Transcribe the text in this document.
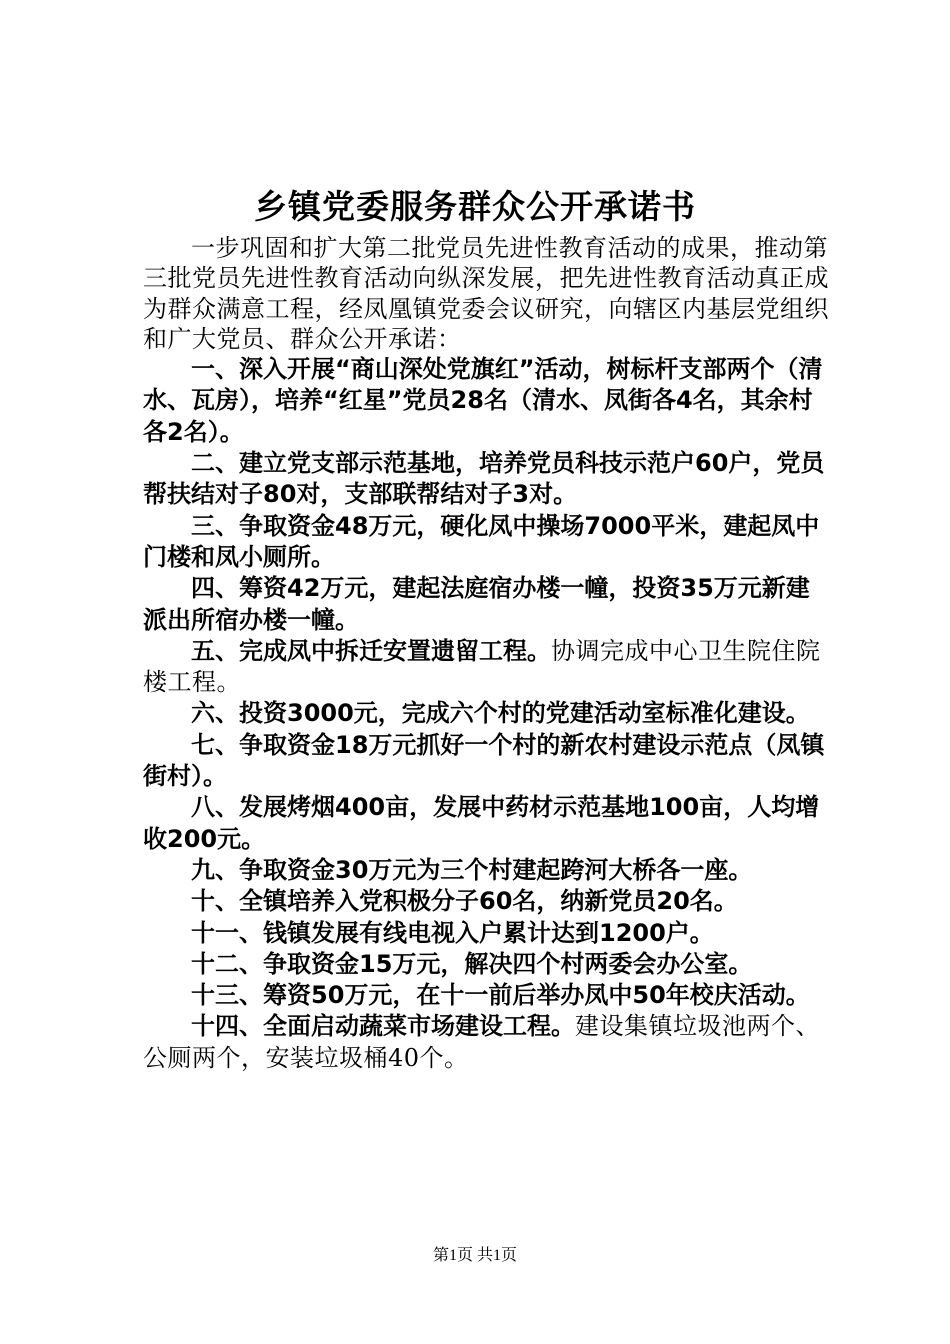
乡镇党委服务群众公开承诺书

一步巩固和扩大第二批党员先进性教育活动的成果，推动第三批党员先进性教育活动向纵深发展，把先进性教育活动真正成为群众满意工程，经凤凰镇党委会议研究，向辖区内基层党组织和广大党员、群众公开承诺：

一、深入开展“商山深处党旗红”活动，树标杆支部两个（清水、瓦房），培养“红星”党员28名（清水、凤街各4名，其余村各2名）。

二、建立党支部示范基地，培养党员科技示范户60户，党员帮扶结对子80对，支部联帮结对子3对。

三、争取资金48万元，硬化凤中操场7000平米，建起凤中门楼和凤小厕所。

四、筹资42万元，建起法庭宿办楼一幢，投资35万元新建派出所宿办楼一幢。

五、完成凤中拆迁安置遗留工程。协调完成中心卫生院住院楼工程。

六、投资3000元，完成六个村的党建活动室标准化建设。

七、争取资金18万元抓好一个村的新农村建设示范点（凤镇街村）。

八、发展烤烟400亩，发展中药材示范基地100亩，人均增收200元。

九、争取资金30万元为三个村建起跨河大桥各一座。

十、全镇培养入党积极分子60名，纳新党员20名。

十一、钱镇发展有线电视入户累计达到1200户。

十二、争取资金15万元，解决四个村两委会办公室。

十三、筹资50万元，在十一前后举办凤中50年校庆活动。

十四、全面启动蔬菜市场建设工程。建设集镇垃圾池两个、公厕两个，安装垃圾桶40个。

第1页 共1页
